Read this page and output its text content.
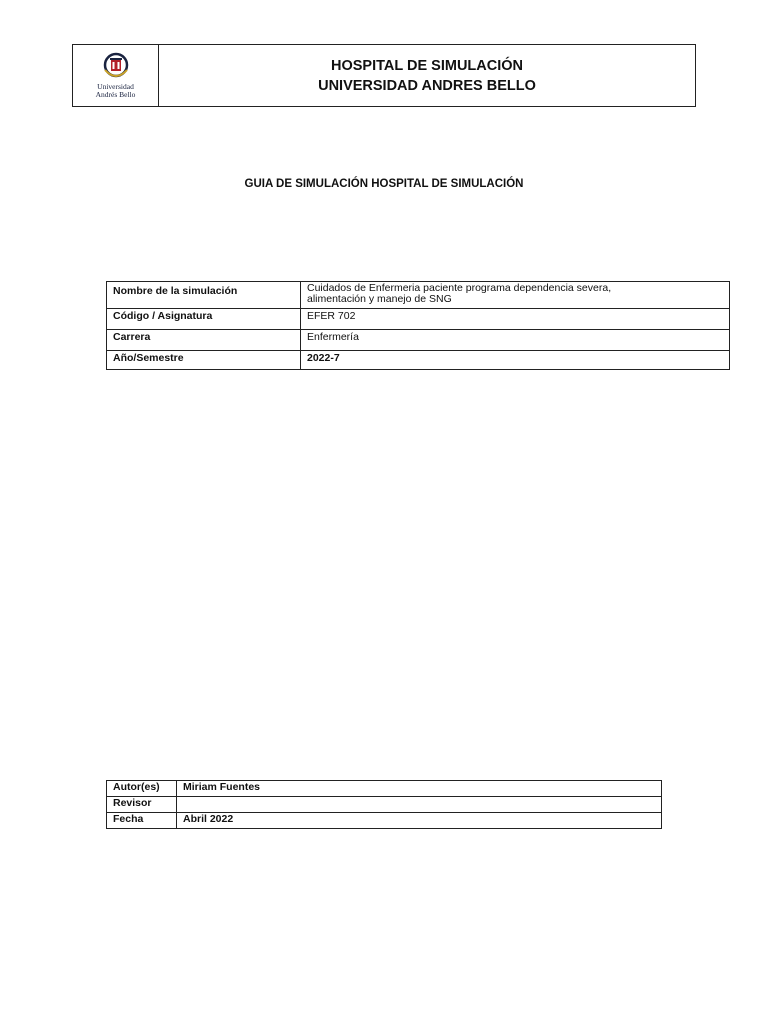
Universidad
Andrés Bello
HOSPITAL DE SIMULACIÓN
UNIVERSIDAD ANDRES BELLO
GUIA DE SIMULACIÓN HOSPITAL DE SIMULACIÓN
Nombre de la simulación	Cuidados de Enfermeria paciente programa dependencia severa,
alimentación y manejo de SNG

Código / Asignatura	EFER 702
Carrera	Enfermería
Año/Semestre	2022-7
Autor(es)	Miriam Fuentes
Revisor	
Fecha	Abril 2022
